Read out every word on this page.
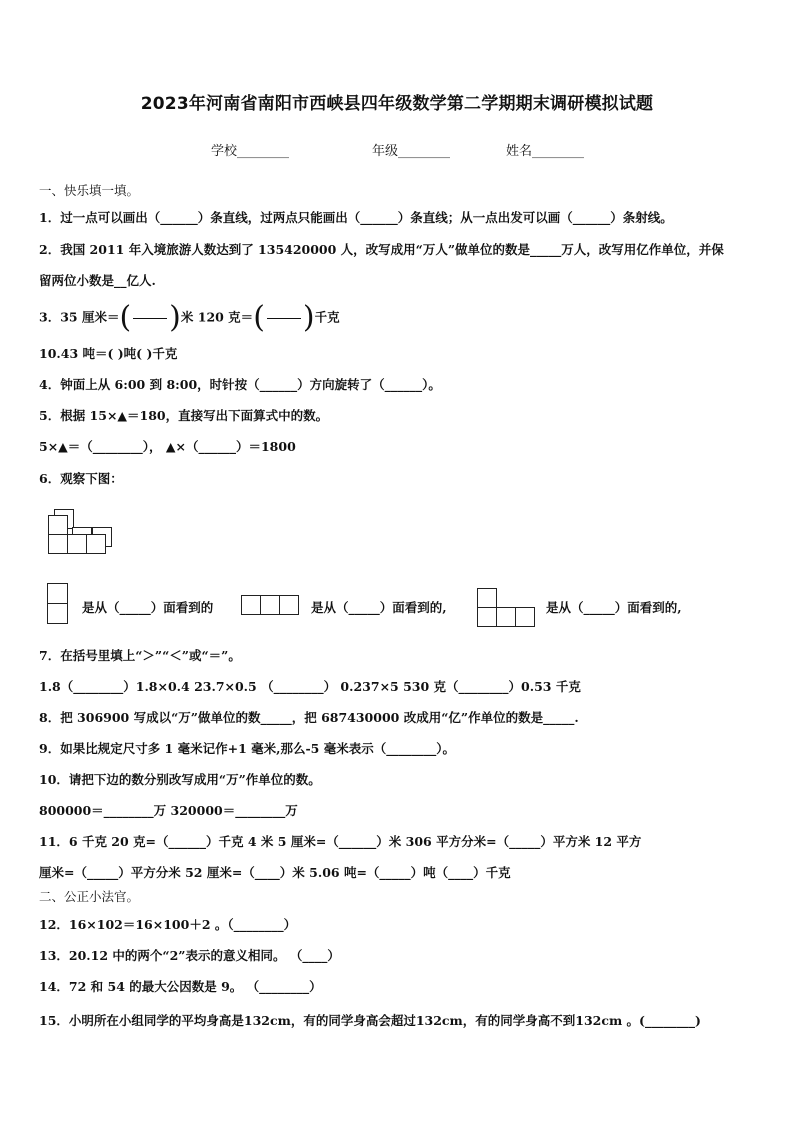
2023年河南省南阳市西峡县四年级数学第二学期期末调研模拟试题
学校________	年级________	姓名________
一、快乐填一填。
1．过一点可以画出（______）条直线，过两点只能画出（______）条直线；从一点出发可以画（______）条射线。
2．我国 2011 年入境旅游人数达到了 135420000 人，改写成用“万人”做单位的数是_____万人，改写用亿作单位，并保
留两位小数是__亿人.
3．35 厘米＝( )米 120 克＝( )千克
10.43 吨＝( )吨( )千克
4．钟面上从 6:00 到 8:00，时针按（______）方向旋转了（______）。
5．根据 15×▲＝180，直接写出下面算式中的数。
5×▲＝（________）， ▲×（______）＝1800
6．观察下图：
是从（_____）面看到的	是从（_____）面看到的,	是从（_____）面看到的,
7．在括号里填上“＞”“＜”或“＝”。
1.8（________）1.8×0.4 23.7×0.5 （________） 0.237×5 530 克（________）0.53 千克
8．把 306900 写成以“万”做单位的数_____，把 687430000 改成用“亿”作单位的数是_____.
9．如果比规定尺寸多 1 毫米记作+1 毫米,那么-5 毫米表示（________）。
10．请把下边的数分别改写成用“万”作单位的数。
800000＝________万 320000＝________万
11．6 千克 20 克=（______）千克 4 米 5 厘米=（______）米 306 平方分米=（_____）平方米 12 平方
厘米=（_____）平方分米 52 厘米=（____）米 5.06 吨=（_____）吨（____）千克
二、公正小法官。
12．16×102＝16×100＋2 。（________）
13．20.12 中的两个“2”表示的意义相同。 （____）
14．72 和 54 的最大公因数是 9。 （________）
15．小明所在小组同学的平均身高是132cm，有的同学身高会超过132cm，有的同学身高不到132cm 。(________)
